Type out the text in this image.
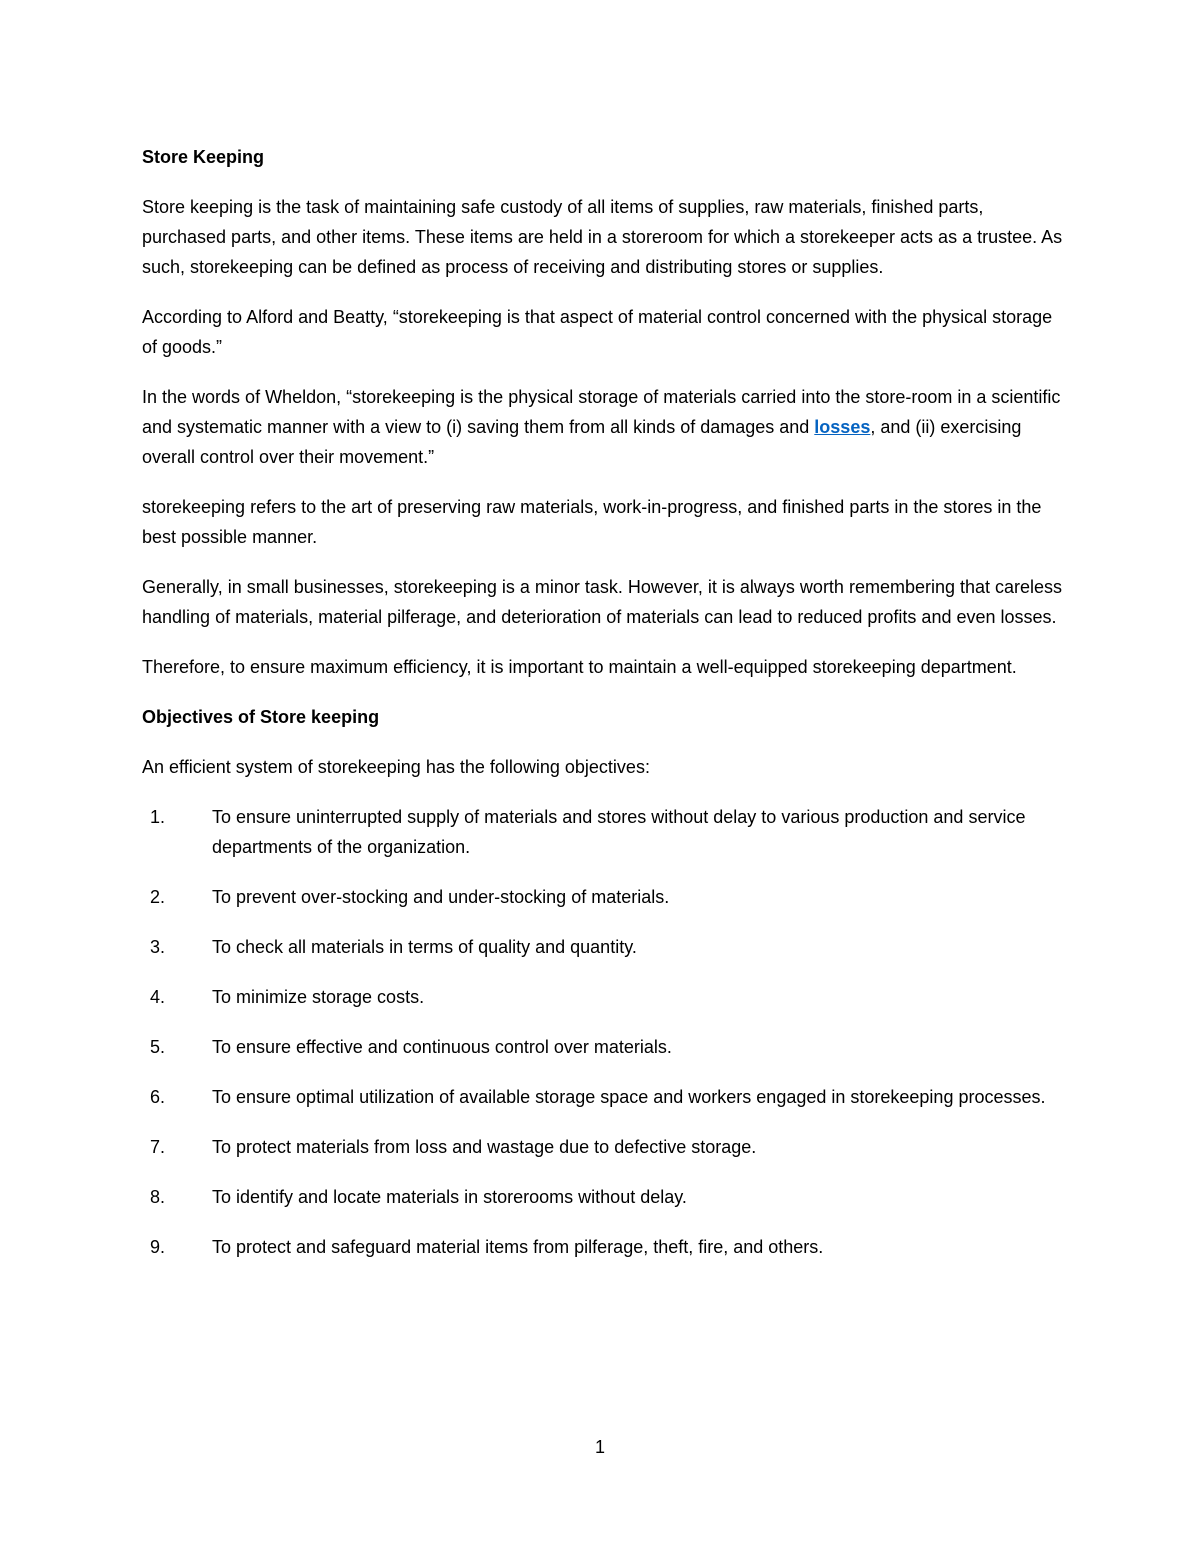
Store Keeping

Store keeping is the task of maintaining safe custody of all items of supplies, raw materials, finished parts, purchased parts, and other items. These items are held in a storeroom for which a storekeeper acts as a trustee. As such, storekeeping can be defined as process of receiving and distributing stores or supplies.

According to Alford and Beatty, “storekeeping is that aspect of material control concerned with the physical storage of goods.”

In the words of Wheldon, “storekeeping is the physical storage of materials carried into the store-room in a scientific and systematic manner with a view to (i) saving them from all kinds of damages and losses, and (ii) exercising overall control over their movement.”

storekeeping refers to the art of preserving raw materials, work-in-progress, and finished parts in the stores in the best possible manner.

Generally, in small businesses, storekeeping is a minor task. However, it is always worth remembering that careless handling of materials, material pilferage, and deterioration of materials can lead to reduced profits and even losses.

Therefore, to ensure maximum efficiency, it is important to maintain a well-equipped storekeeping department.

Objectives of Store keeping

An efficient system of storekeeping has the following objectives:

1.	To ensure uninterrupted supply of materials and stores without delay to various production and service departments of the organization.
2.	To prevent over-stocking and under-stocking of materials.
3.	To check all materials in terms of quality and quantity.
4.	To minimize storage costs.
5.	To ensure effective and continuous control over materials.
6.	To ensure optimal utilization of available storage space and workers engaged in storekeeping processes.
7.	To protect materials from loss and wastage due to defective storage.
8.	To identify and locate materials in storerooms without delay.
9.	To protect and safeguard material items from pilferage, theft, fire, and others.
1
